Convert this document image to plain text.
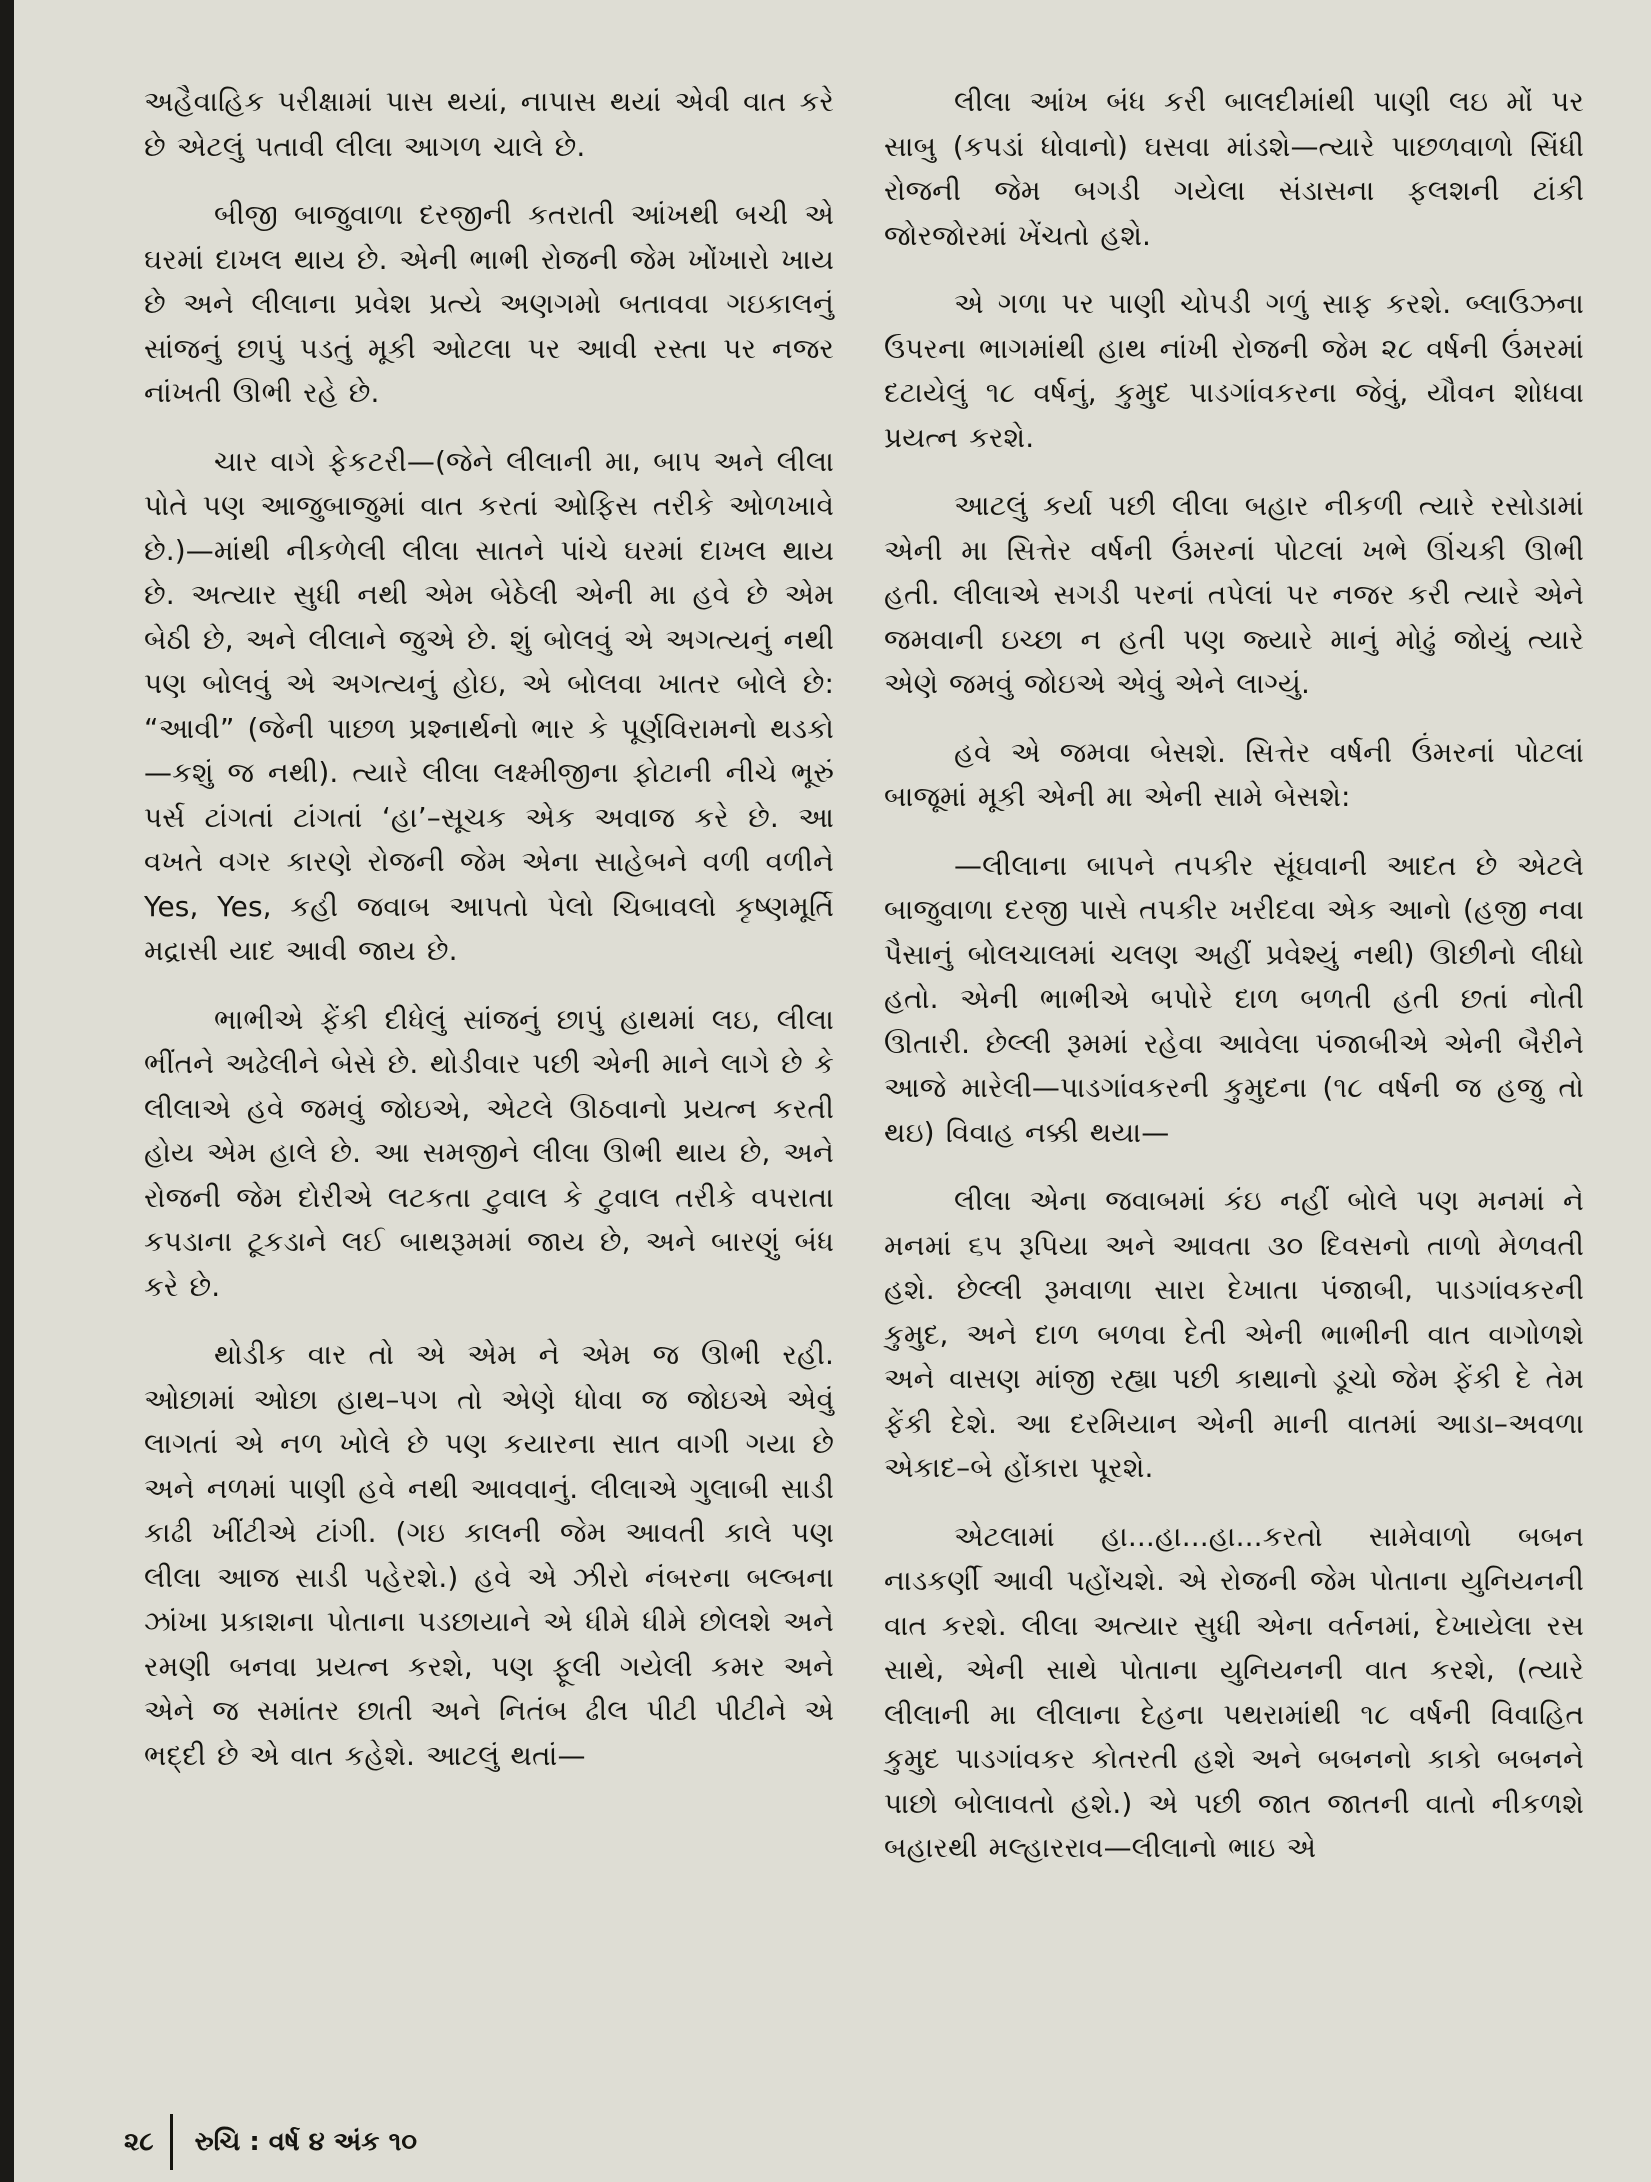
અહૈવાહિક પરીક્ષામાં પાસ થયાં, નાપાસ થયાં એવી વાત કરે છે એટલું પતાવી લીલા આગળ ચાલે છે.

બીજી બાજુવાળા દરજીની કતરાતી આંખથી બચી એ ઘરમાં દાખલ થાય છે. એની ભાભી રોજની જેમ ખોંખારો ખાય છે અને લીલાના પ્રવેશ પ્રત્યે અણગમો બતાવવા ગઇકાલનું સાંજનું છાપું પડતું મૂકી ઓટલા પર આવી રસ્તા પર નજર નાંખતી ઊભી રહે છે.

ચાર વાગે ફેકટરી—(જેને લીલાની મા, બાપ અને લીલા પોતે પણ આજુબાજુમાં વાત કરતાં ઓફિસ તરીકે ઓળખાવે છે.)—માંથી નીકળેલી લીલા સાતને પાંચે ઘરમાં દાખલ થાય છે. અત્યાર સુધી નથી એમ બેઠેલી એની મા હવે છે એમ બેઠી છે, અને લીલાને જુએ છે. શું બોલવું એ અગત્યનું નથી પણ બોલવું એ અગત્યનું હોઇ, એ બોલવા ખાતર બોલે છે: “આવી” (જેની પાછળ પ્રશ્નાર્થનો ભાર કે પૂર્ણવિરામનો થડકો—કશું જ નથી). ત્યારે લીલા લક્ષ્મીજીના ફોટાની નીચે ભૂરું પર્સ ટાંગતાં ટાંગતાં ‘હા’–સૂચક એક અવાજ કરે છે. આ વખતે વગર કારણે રોજની જેમ એના સાહેબને વળી વળીને Yes, Yes, કહી જવાબ આપતો પેલો ચિબાવલો કૃષ્ણમૂર્તિ મદ્રાસી યાદ આવી જાય છે.

ભાભીએ ફેંકી દીધેલું સાંજનું છાપું હાથમાં લઇ, લીલા ભીંતને અઢેલીને બેસે છે. થોડીવાર પછી એની માને લાગે છે કે લીલાએ હવે જમવું જોઇએ, એટલે ઊઠવાનો પ્રયત્ન કરતી હોય એમ હાલે છે. આ સમજીને લીલા ઊભી થાય છે, અને રોજની જેમ દોરીએ લટકતા ટુવાલ કે ટુવાલ તરીકે વપરાતા કપડાના ટૂકડાને લઈ બાથરૂમમાં જાય છે, અને બારણું બંધ કરે છે.

થોડીક વાર તો એ એમ ને એમ જ ઊભી રહી. ઓછામાં ઓછા હાથ–પગ તો એણે ધોવા જ જોઇએ એવું લાગતાં એ નળ ખોલે છે પણ કયારના સાત વાગી ગયા છે અને નળમાં પાણી હવે નથી આવવાનું. લીલાએ ગુલાબી સાડી કાઢી ખીંટીએ ટાંગી. (ગઇ કાલની જેમ આવતી કાલે પણ લીલા આજ સાડી પહેરશે.) હવે એ ઝીરો નંબરના બલ્બના ઝાંખા પ્રકાશના પોતાના પડછાયાને એ ધીમે ધીમે છોલશે અને રમણી બનવા પ્રયત્ન કરશે, પણ ફૂલી ગયેલી કમર અને એને જ સમાંતર છાતી અને નિતંબ ઢીલ પીટી પીટીને એ ભદ્દી છે એ વાત કહેશે. આટલું થતાં—

લીલા આંખ બંધ કરી બાલદીમાંથી પાણી લઇ મોં પર સાબુ (કપડાં ધોવાનો) ઘસવા માંડશે—ત્યારે પાછળવાળો સિંધી રોજની જેમ બગડી ગયેલા સંડાસના ફલશની ટાંકી જોરજોરમાં ખેંચતો હશે.

એ ગળા પર પાણી ચોપડી ગળું સાફ કરશે. બ્લાઉઝના ઉપરના ભાગમાંથી હાથ નાંખી રોજની જેમ ૨૮ વર્ષની ઉંમરમાં દટાયેલું ૧૮ વર્ષનું, કુમુદ પાડગાંવકરના જેવું, યૌવન શોધવા પ્રયત્ન કરશે.

આટલું કર્યા પછી લીલા બહાર નીકળી ત્યારે રસોડામાં એની મા સિત્તેર વર્ષની ઉંમરનાં પોટલાં ખભે ઊંચકી ઊભી હતી. લીલાએ સગડી પરનાં તપેલાં પર નજર કરી ત્યારે એને જમવાની ઇચ્છા ન હતી પણ જ્યારે માનું મોઢું જોયું ત્યારે એણે જમવું જોઇએ એવું એને લાગ્યું.

હવે એ જમવા બેસશે. સિત્તેર વર્ષની ઉંમરનાં પોટલાં બાજૂમાં મૂકી એની મા એની સામે બેસશે:

—લીલાના બાપને તપકીર સૂંઘવાની આદત છે એટલે બાજુવાળા દરજી પાસે તપકીર ખરીદવા એક આનો (હજી નવા પૈસાનું બોલચાલમાં ચલણ અહીં પ્રવેશ્યું નથી) ઊછીનો લીધો હતો. એની ભાભીએ બપોરે દાળ બળતી હતી છતાં નોતી ઊતારી. છેલ્લી રૂમમાં રહેવા આવેલા પંજાબીએ એની બૈરીને આજે મારેલી—પાડગાંવકરની કુમુદના (૧૮ વર્ષની જ હજુ તો થઇ) વિવાહ નક્કી થયા—

લીલા એના જવાબમાં કંઇ નહીં બોલે પણ મનમાં ને મનમાં ૬૫ રૂપિયા અને આવતા ૩૦ દિવસનો તાળો મેળવતી હશે. છેલ્લી રૂમવાળા સારા દેખાતા પંજાબી, પાડગાંવકરની કુમુદ, અને દાળ બળવા દેતી એની ભાભીની વાત વાગોળશે અને વાસણ માંજી રહ્યા પછી કાથાનો ડૂચો જેમ ફેંકી દે તેમ ફેંકી દેશે. આ દરમિયાન એની માની વાતમાં આડા–અવળા એકાદ–બે હોંકારા પૂરશે.

એટલામાં હા...હા...હા...કરતો સામેવાળો બબન નાડકર્ણી આવી પહોંચશે. એ રોજની જેમ પોતાના યુનિયનની વાત કરશે. લીલા અત્યાર સુધી એના વર્તનમાં, દેખાયેલા રસ સાથે, એની સાથે પોતાના યુનિયનની વાત કરશે, (ત્યારે લીલાની મા લીલાના દેહના પથરામાંથી ૧૮ વર્ષની વિવાહિત કુમુદ પાડગાંવકર કોતરતી હશે અને બબનનો કાકો બબનને પાછો બોલાવતો હશે.) એ પછી જાત જાતની વાતો નીકળશે બહારથી મલ્હારરાવ—લીલાનો ભાઇ એ

૨૮ રુચિ : વર્ષ ૪ અંક ૧૦
